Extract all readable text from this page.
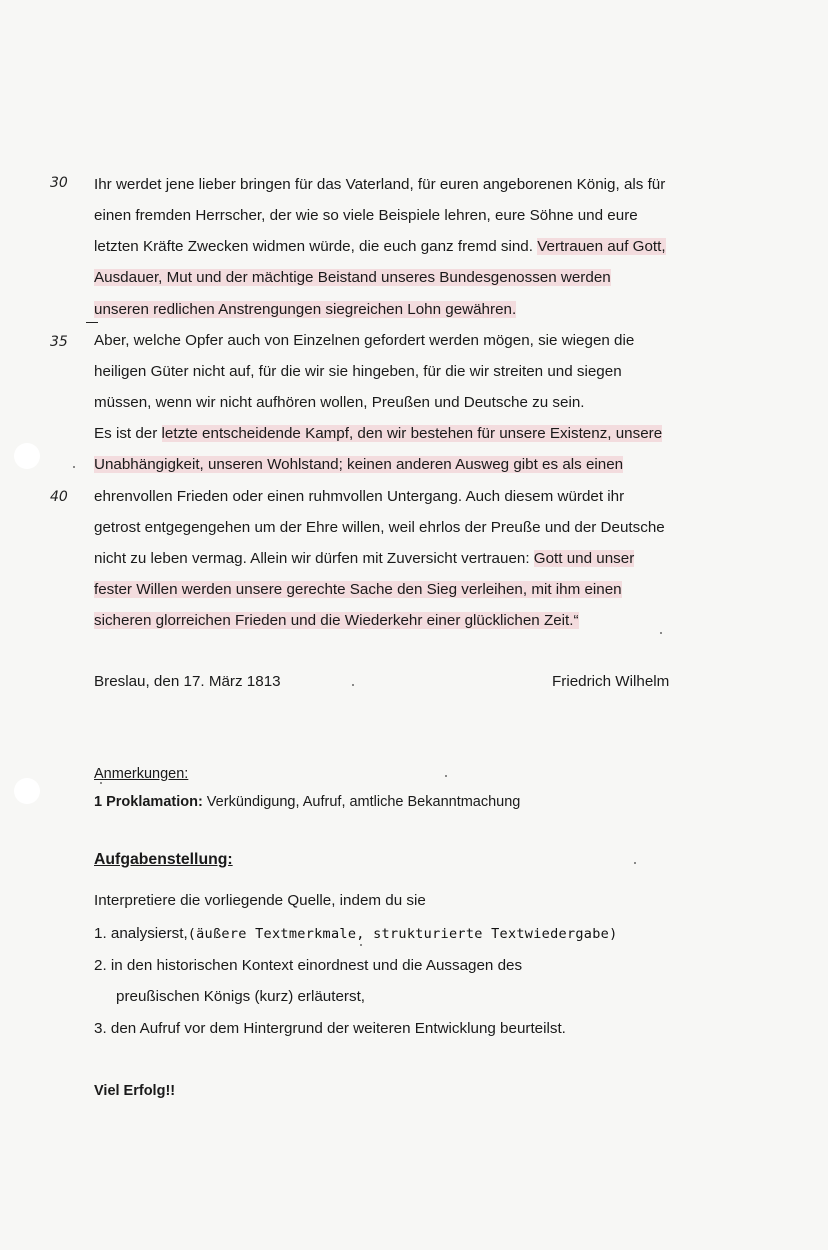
30
35
40
Ihr werdet jene lieber bringen für das Vaterland, für euren angeborenen König, als für
einen fremden Herrscher, der wie so viele Beispiele lehren, eure Söhne und eure
letzten Kräfte Zwecken widmen würde, die euch ganz fremd sind. Vertrauen auf Gott,
Ausdauer, Mut und der mächtige Beistand unseres Bundesgenossen werden
unseren redlichen Anstrengungen siegreichen Lohn gewähren.
Aber, welche Opfer auch von Einzelnen gefordert werden mögen, sie wiegen die
heiligen Güter nicht auf, für die wir sie hingeben, für die wir streiten und siegen
müssen, wenn wir nicht aufhören wollen, Preußen und Deutsche zu sein.
Es ist der letzte entscheidende Kampf, den wir bestehen für unsere Existenz, unsere
Unabhängigkeit, unseren Wohlstand; keinen anderen Ausweg gibt es als einen
ehrenvollen Frieden oder einen ruhmvollen Untergang. Auch diesem würdet ihr
getrost entgegengehen um der Ehre willen, weil ehrlos der Preuße und der Deutsche
nicht zu leben vermag. Allein wir dürfen mit Zuversicht vertrauen: Gott und unser
fester Willen werden unsere gerechte Sache den Sieg verleihen, mit ihm einen
sicheren glorreichen Frieden und die Wiederkehr einer glücklichen Zeit.“
Breslau, den 17. März 1813	Friedrich Wilhelm
Anmerkungen:
1 Proklamation: Verkündigung, Aufruf, amtliche Bekanntmachung
Aufgabenstellung:
Interpretiere die vorliegende Quelle, indem du sie
1. analysierst,(äußere Textmerkmale, strukturierte Textwiedergabe)
2. in den historischen Kontext einordnest und die Aussagen des
preußischen Königs (kurz) erläuterst,
3. den Aufruf vor dem Hintergrund der weiteren Entwicklung beurteilst.
Viel Erfolg!!
